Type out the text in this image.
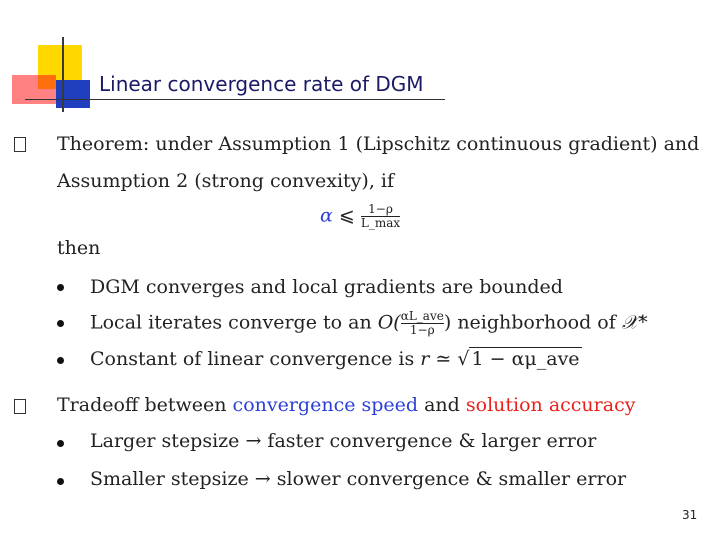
Linear convergence rate of DGM
Theorem: under Assumption 1 (Lipschitz continuous gradient) and
Assumption 2 (strong convexity), if
α ⩽ $\frac{1-\rho}{L\_\max}$
then
DGM converges and local gradients are bounded
Local iterates converge to an $O( \frac{\text{αL\_ave}}{1-\rho}$ ) neighborhood of 𝒳*
Constant of linear convergence is r ≃ √ 1 − αμ_ave
Tradeoff between convergence speed and solution accuracy
Larger stepsize → faster convergence & larger error
Smaller stepsize → slower convergence & smaller error
31
